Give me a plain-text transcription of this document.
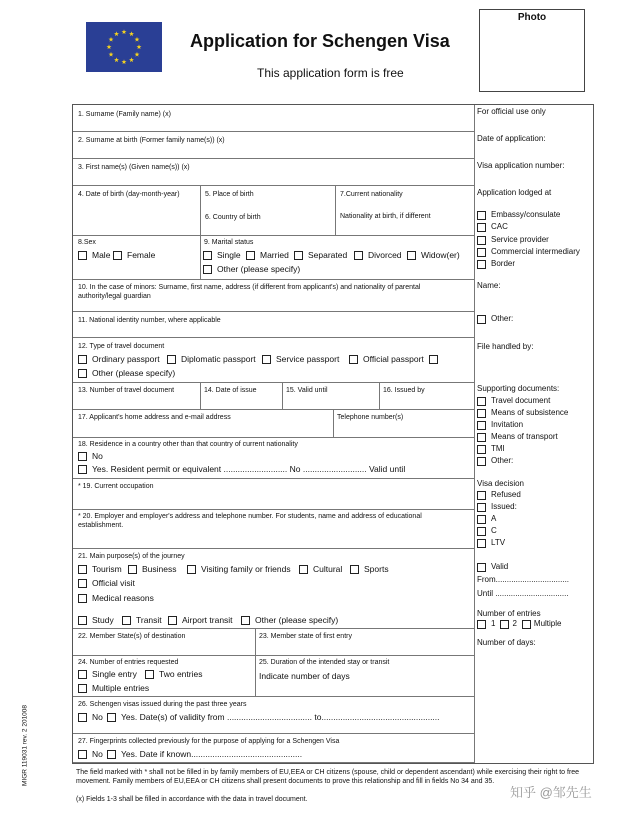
Application for Schengen Visa
This application form is free
Photo
MIGR 119031 rev. 2 201008
1. Surname (Family name) (x)
2. Surname at birth (Former family name(s)) (x)
3. First name(s) (Given name(s)) (x)
4. Date of birth (day-month-year)	5. Place of birth
6. Country of birth
7.Current nationality
Nationality at birth, if different
8.Sex
Male Female
9. Marital status
Single Married Separated Divorced Widow(er)
Other (please specify)
10. In the case of minors: Surname, first name, address (if different from applicant's) and nationality of parental authority/legal guardian
11. National identity number, where applicable
12. Type of travel document
Ordinary passport	Diplomatic passport Service passport	Official passport
Other (please specify)
13. Number of travel document	14. Date of issue	15. Valid until	16. Issued by
17. Applicant's home address and e-mail address	Telephone number(s)
18. Residence in a country other than that country of current nationality
No
Yes. Resident permit or equivalent ........................... No ........................... Valid until
* 19. Current occupation
* 20. Employer and employer's address and telephone number. For students, name and address of educational establishment.
21. Main purpose(s) of the journey
Tourism Business	Visiting family or friends	Cultural	Sports
Official visit
Medical reasons
Study	Transit Airport transit	Other (please specify)
22. Member State(s) of destination	23. Member state of first entry
24. Number of entries requested
Single entry	Two entries
Multiple entries
25. Duration of the intended stay or transit
Indicate number of days
26. Schengen visas issued during the past three years
No Yes. Date(s) of validity from .................................... to..................................................
27. Fingerprints collected previously for the purpose of applying for a Schengen Visa
No Yes. Date if known...............................................
For official use only
Date of application:
Visa application number:
Application lodged at
Embassy/consulate
CAC
Service provider
Commercial intermediary
Border
Name:
Other:
File handled by:
Supporting documents:
Travel document
Means of subsistence
Invitation
Means of transport
TMI
Other:
Visa decision
Refused
Issued:
A
C
LTV
Valid
From.................................
Until .................................
Number of entries
1 2 Multiple
Number of days:
The field marked with * shall not be filled in by family members of EU,EEA or CH citizens (spouse, child or dependent ascendant) while exercising their right to free movement. Family members of EU,EEA or CH citizens shall present documents to prove this relationship and fill in fields No 34 and 35.
(x) Fields 1-3 shall be filled in accordance with the data in travel document.	知乎 @邹先生
